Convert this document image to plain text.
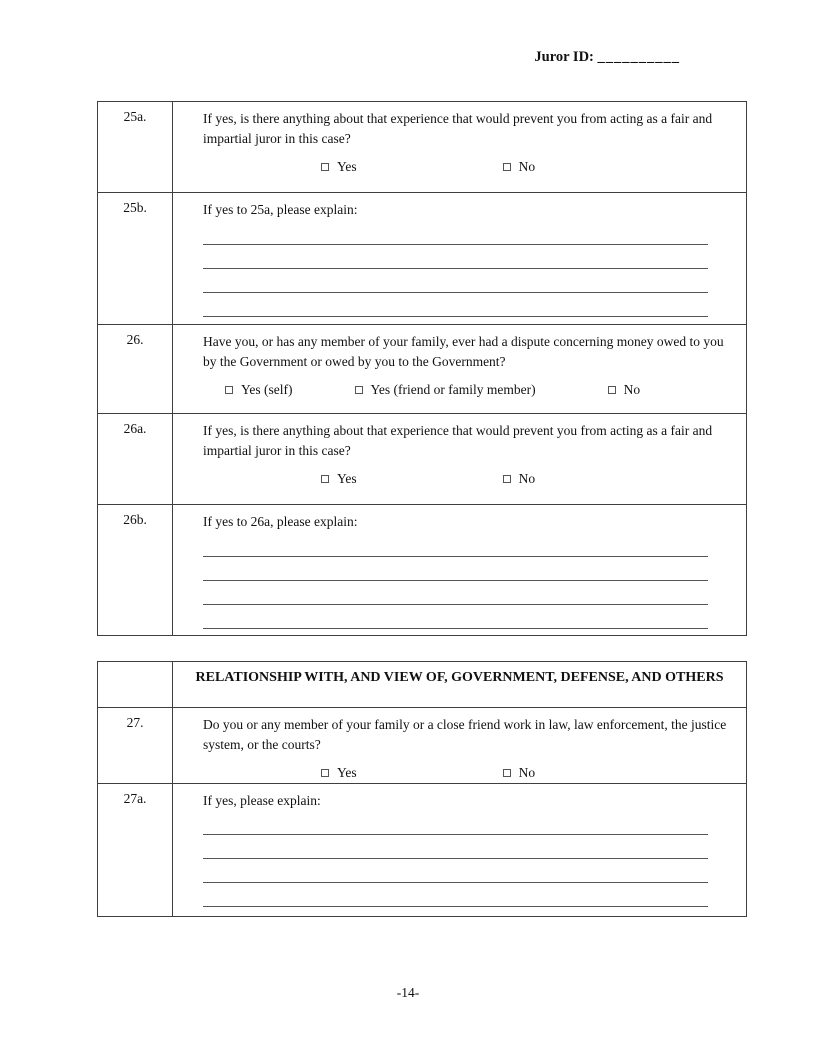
Juror ID: __________
25a.	If yes, is there anything about that experience that would prevent you from acting as a fair and impartial juror in this case?
Yes No

25b.	If yes to 25a, please explain:

26.	Have you, or has any member of your family, ever had a dispute concerning money owed to you by the Government or owed by you to the Government?
Yes (self) Yes (friend or family member) No

26a.	If yes, is there anything about that experience that would prevent you from acting as a fair and impartial juror in this case?
Yes No

26b.	If yes to 26a, please explain:
	RELATIONSHIP WITH, AND VIEW OF, GOVERNMENT, DEFENSE, AND OTHERS
27.	Do you or any member of your family or a close friend work in law, law enforcement, the justice system, or the courts?
Yes No

27a.	If yes, please explain:
-14-
